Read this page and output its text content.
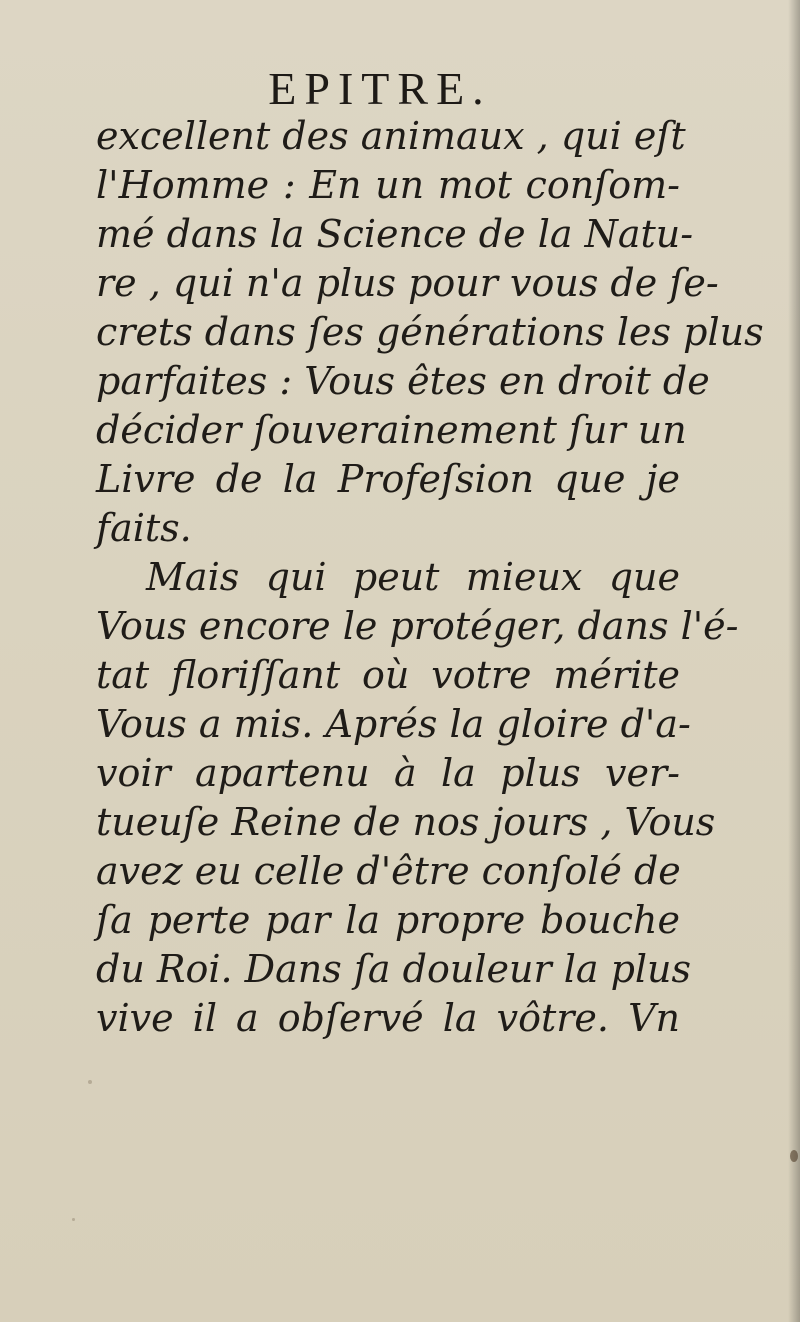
EPITRE.
excellent des animaux , qui eſt
l'Homme : En un mot conſom-
mé dans la Science de la Natu-
re , qui n'a plus pour vous de ſe-
crets dans ſes générations les plus
parfaites : Vous êtes en droit de
décider ſouverainement ſur un
Livre de la Profeſsion que je
faits.
Mais qui peut mieux que
Vous encore le protéger, dans l'é-
tat floriſſant où votre mérite
Vous a mis. Aprés la gloire d'a-
voir apartenu à la plus ver-
tueuſe Reine de nos jours , Vous
avez eu celle d'être conſolé de
ſa perte par la propre bouche
du Roi. Dans ſa douleur la plus
vive il a obſervé la vôtre. Vn
